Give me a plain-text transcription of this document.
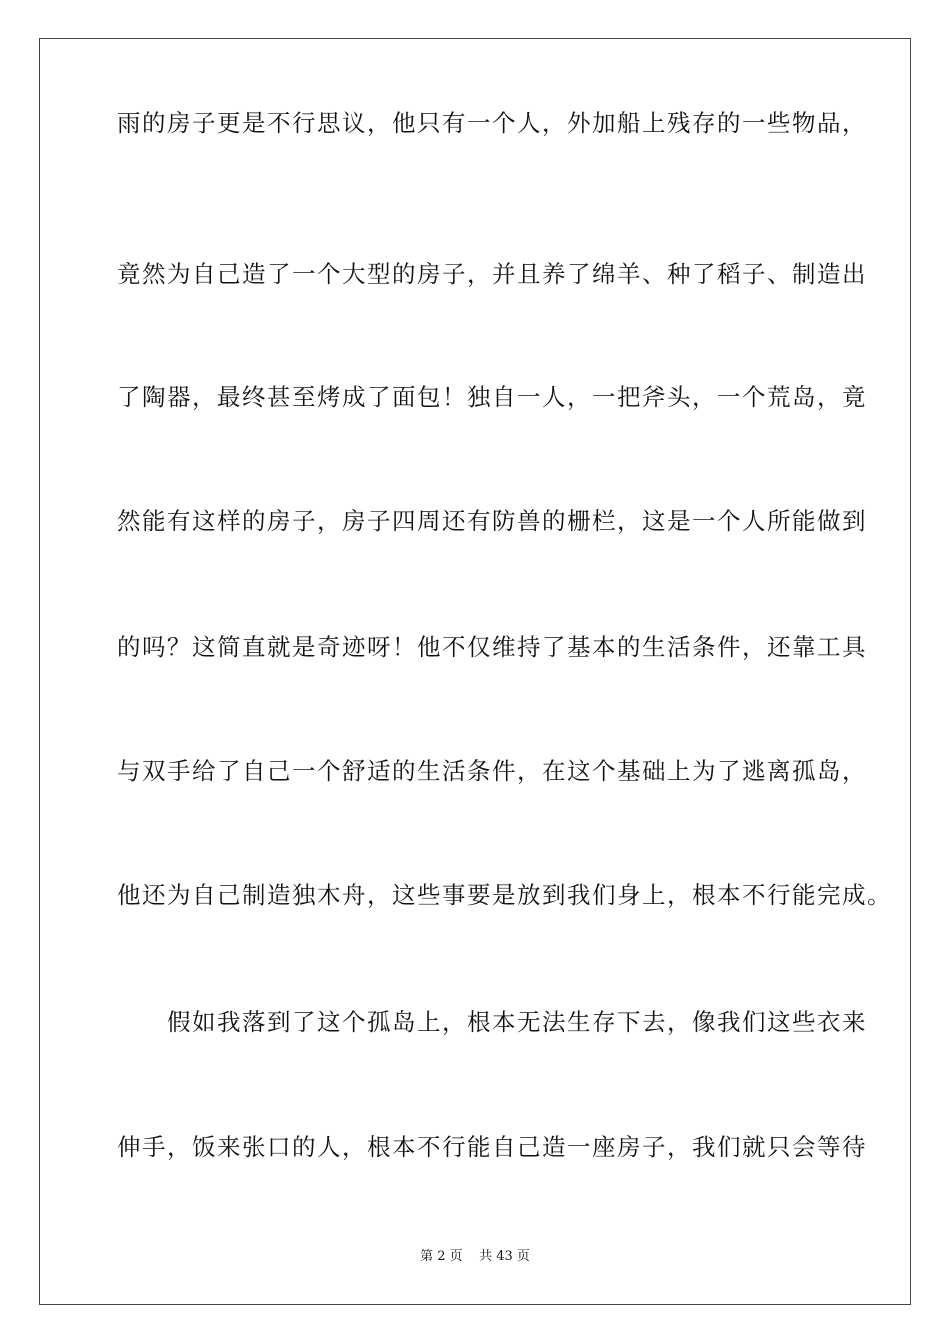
雨的房子更是不行思议，他只有一个人，外加船上残存的一些物品，
竟然为自己造了一个大型的房子，并且养了绵羊、种了稻子、制造出
了陶器，最终甚至烤成了面包！独自一人，一把斧头，一个荒岛，竟
然能有这样的房子，房子四周还有防兽的栅栏，这是一个人所能做到
的吗？这简直就是奇迹呀！他不仅维持了基本的生活条件，还靠工具
与双手给了自己一个舒适的生活条件，在这个基础上为了逃离孤岛，
他还为自己制造独木舟，这些事要是放到我们身上，根本不行能完成。
　　假如我落到了这个孤岛上，根本无法生存下去，像我们这些衣来
伸手，饭来张口的人，根本不行能自己造一座房子，我们就只会等待
第 2 页    共 43 页
